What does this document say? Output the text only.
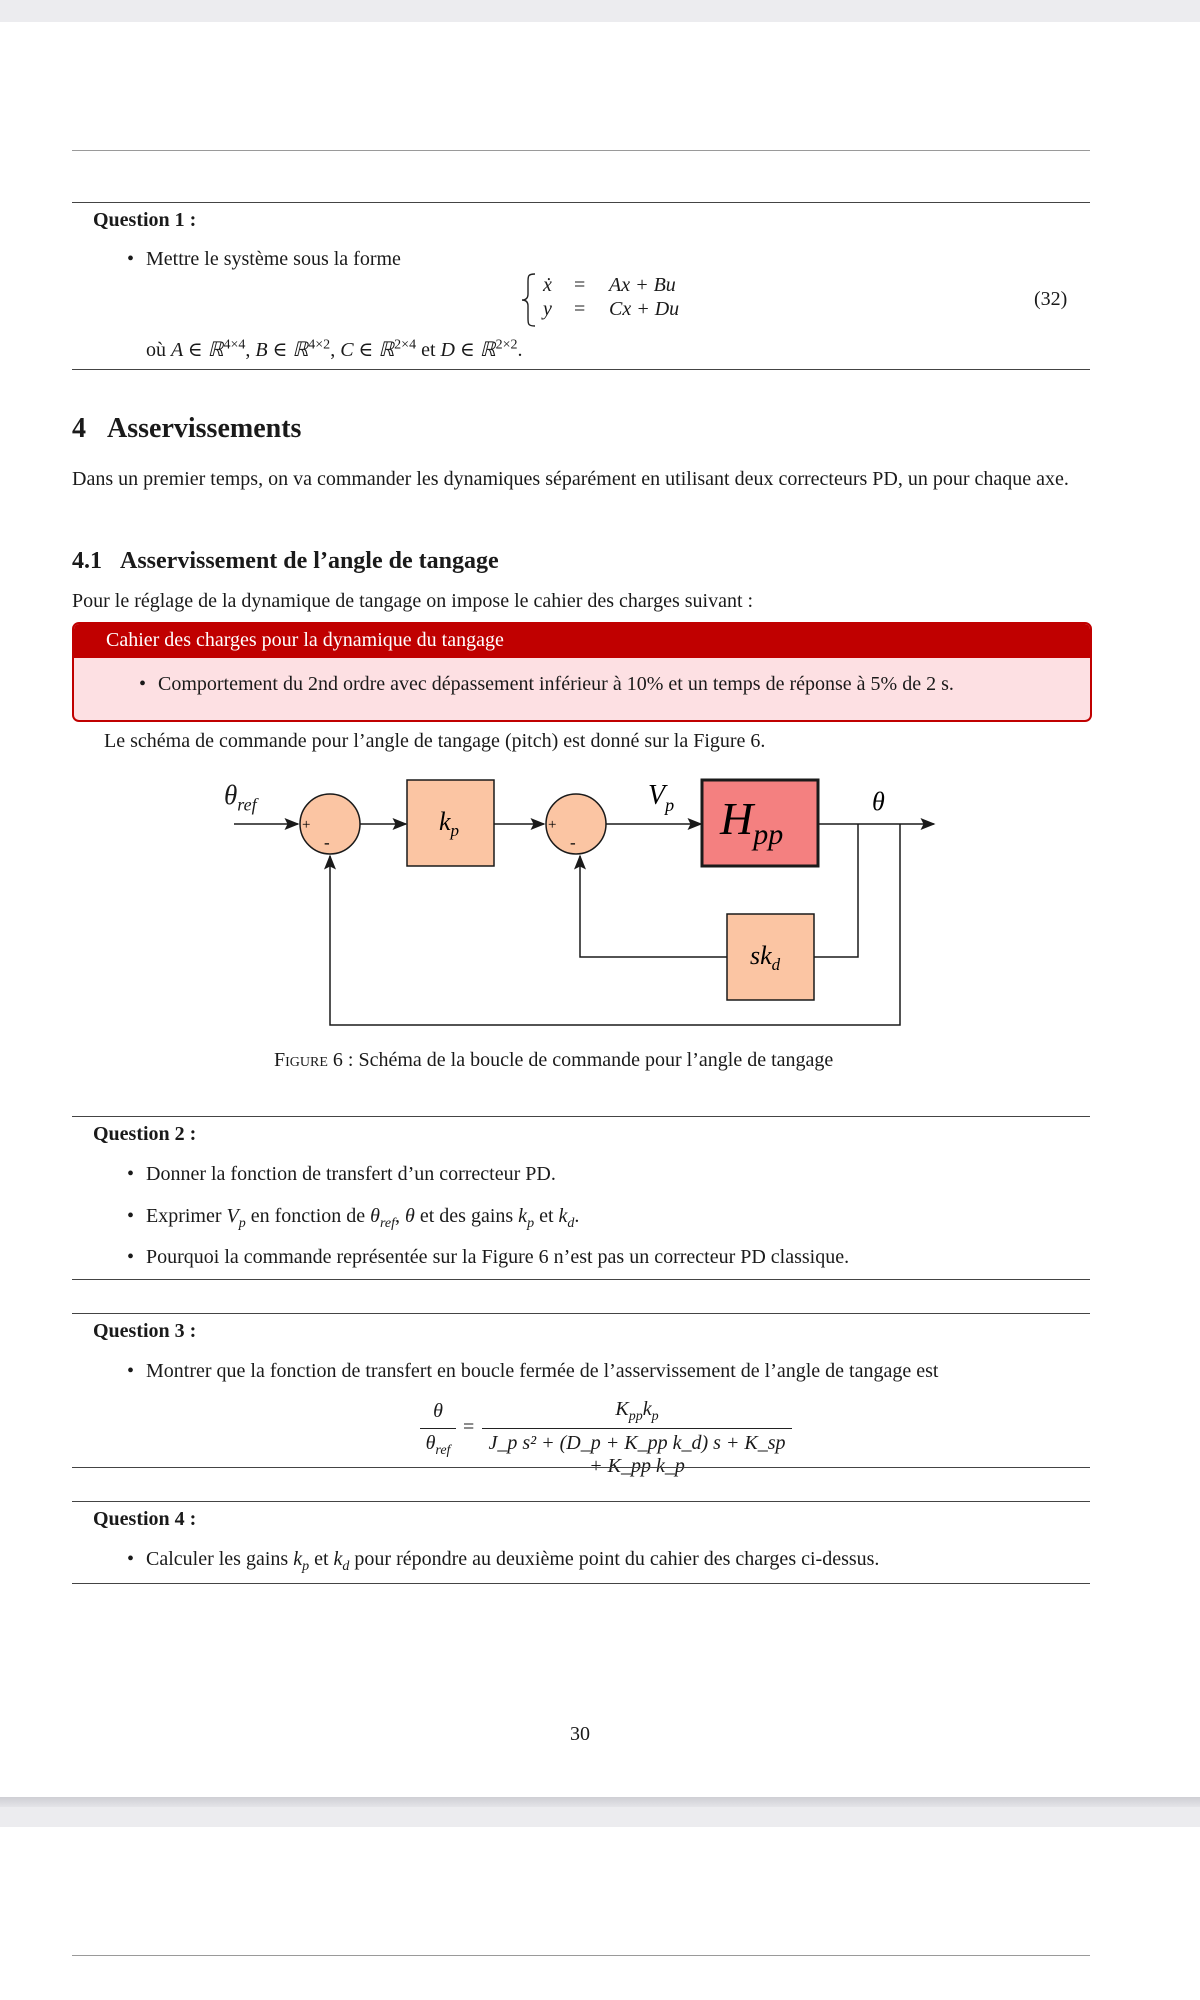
Question 1 :
• Mettre le système sous la forme
ẋ = Ax + Bu
y = Cx + Du	(32)
où A ∈ ℝ$^{4\times 4}$, B ∈ ℝ$^{4\times 2}$, C ∈ ℝ$^{2\times 4}$ et D ∈ ℝ$^{2\times 2}$.
4 Asservissements
Dans un premier temps, on va commander les dynamiques séparément en utilisant deux correcteurs PD, un pour chaque axe.
4.1 Asservissement de l’angle de tangage
Pour le réglage de la dynamique de tangage on impose le cahier des charges suivant :
Cahier des charges pour la dynamique du tangage
• Comportement du 2nd ordre avec dépassement inférieur à 10% et un temps de réponse à 5% de 2 s.
Le schéma de commande pour l’angle de tangage (pitch) est donné sur la Figure 6.
+
-
$k_p$	+
-
$V_p$ $H_{pp}$
θ
$sk_d$
$\theta_{ref}$
Figure 6 : Schéma de la boucle de commande pour l’angle de tangage
Question 2 :
• Donner la fonction de transfert d’un correcteur PD.
• Exprimer $V_p$ en fonction de $\theta_{ref}$, θ et des gains $k_p$ et $k_d$.
• Pourquoi la commande représentée sur la Figure 6 n’est pas un correcteur PD classique.
Question 3 :
• Montrer que la fonction de transfert en boucle fermée de l’asservissement de l’angle de tangage est
θ
$\theta_{ref}$
=
$K_{pp}k_p$
J_p s² + (D_p + K_pp k_d) s + K_sp + K_pp k_p
Question 4 :
• Calculer les gains $k_p$ et $k_d$ pour répondre au deuxième point du cahier des charges ci-dessus.
30
